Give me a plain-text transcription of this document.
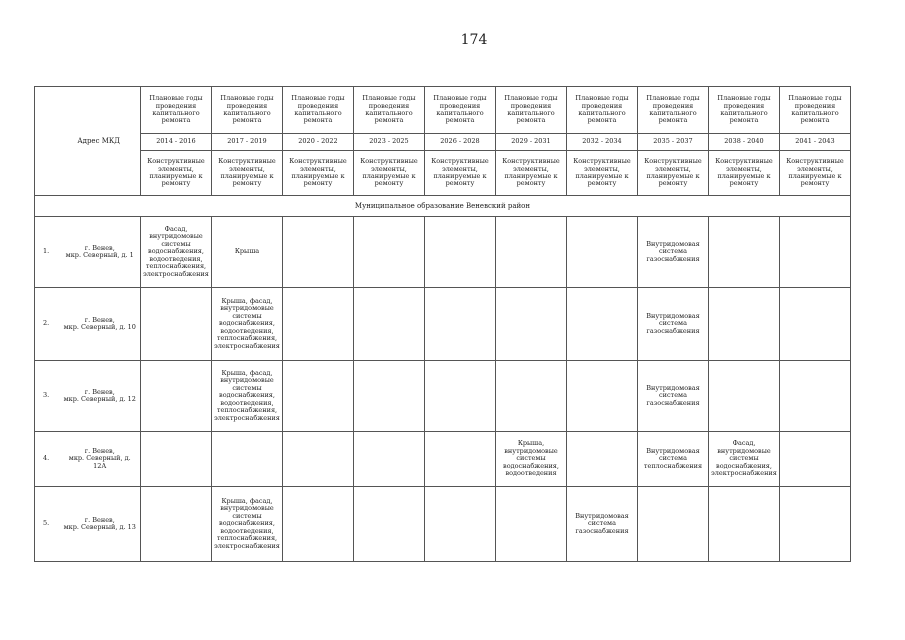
174
Адрес МКД		Плановые годы проведения капитального ремонта	Плановые годы проведения капитального ремонта	Плановые годы проведения капитального ремонта	Плановые годы проведения капитального ремонта	Плановые годы проведения капитального ремонта	Плановые годы проведения капитального ремонта	Плановые годы проведения капитального ремонта	Плановые годы проведения капитального ремонта	Плановые годы проведения капитального ремонта	Плановые годы проведения капитального ремонта
		2014 - 2016	2017 - 2019	2020 - 2022	2023 - 2025	2026 - 2028	2029 - 2031	2032 - 2034	2035 - 2037	2038 - 2040	2041 - 2043
		Конструктивные элементы, планируемые к ремонту	Конструктивные элементы, планируемые к ремонту	Конструктивные элементы, планируемые к ремонту	Конструктивные элементы, планируемые к ремонту	Конструктивные элементы, планируемые к ремонту	Конструктивные элементы, планируемые к ремонту	Конструктивные элементы, планируемые к ремонту	Конструктивные элементы, планируемые к ремонту	Конструктивные элементы, планируемые к ремонту	Конструктивные элементы, планируемые к ремонту
Муниципальное образование Веневский район											
1.	г. Венев,
мкр. Северный, д. 1	Фасад, внутридомовые системы водоснабжения, водоотведения, теплоснабжения, электроснабжения	Крыша						Внутридомовая система газоснабжения		
2.	г. Венев,
мкр. Северный, д. 10		Крыша, фасад, внутридомовые системы водоснабжения, водоотведения, теплоснабжения, электроснабжения						Внутридомовая система газоснабжения		
3.	г. Венев,
мкр. Северный, д. 12		Крыша, фасад, внутридомовые системы водоснабжения, водоотведения, теплоснабжения, электроснабжения						Внутридомовая система газоснабжения		
4.	г. Венев,
мкр. Северный, д. 12А						Крыша, внутридомовые системы водоснабжения, водоотведения		Внутридомовая система теплоснабжения	Фасад, внутридомовые системы водоснабжения, электроснабжения	
5.	г. Венев,
мкр. Северный, д. 13		Крыша, фасад, внутридомовые системы водоснабжения, водоотведения, теплоснабжения, электроснабжения					Внутридомовая система газоснабжения			
